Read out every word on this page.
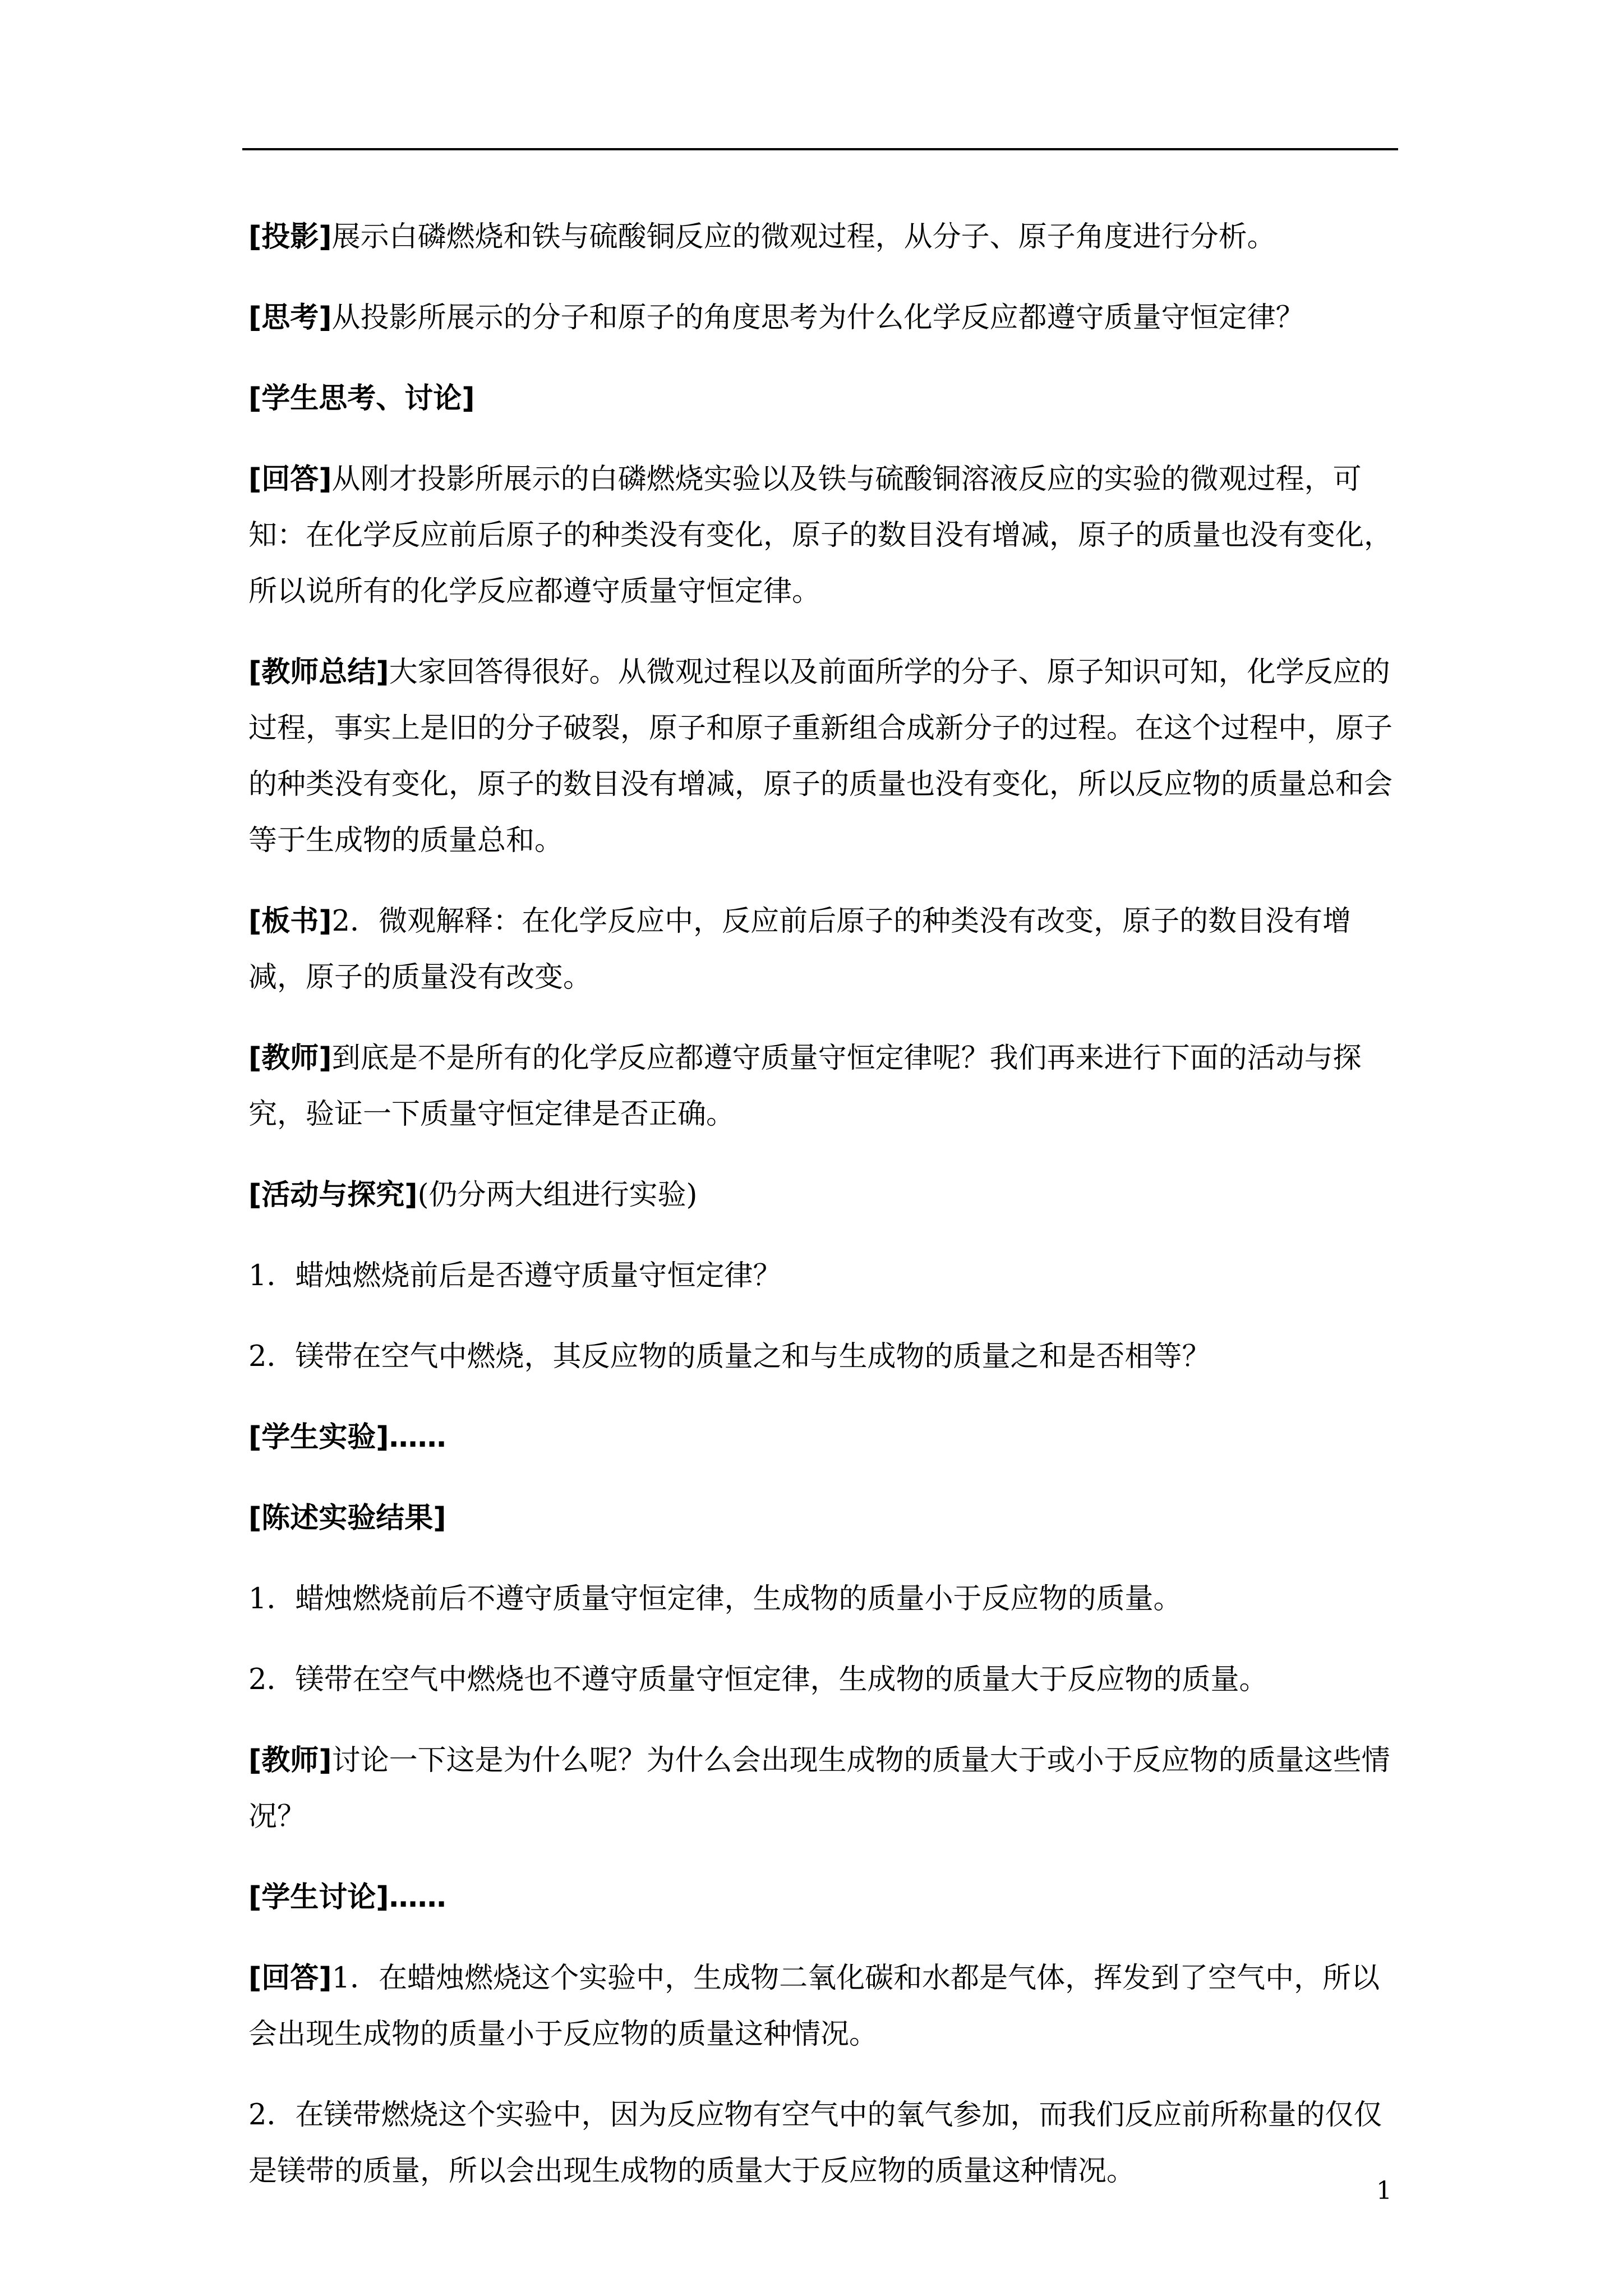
[投影]展示白磷燃烧和铁与硫酸铜反应的微观过程，从分子、原子角度进行分析。

[思考]从投影所展示的分子和原子的角度思考为什么化学反应都遵守质量守恒定律？

[学生思考、讨论]

[回答]从刚才投影所展示的白磷燃烧实验以及铁与硫酸铜溶液反应的实验的微观过程，可知：在化学反应前后原子的种类没有变化，原子的数目没有增减，原子的质量也没有变化，所以说所有的化学反应都遵守质量守恒定律。

[教师总结]大家回答得很好。从微观过程以及前面所学的分子、原子知识可知，化学反应的过程，事实上是旧的分子破裂，原子和原子重新组合成新分子的过程。在这个过程中，原子的种类没有变化，原子的数目没有增减，原子的质量也没有变化，所以反应物的质量总和会等于生成物的质量总和。

[板书]2．微观解释：在化学反应中，反应前后原子的种类没有改变，原子的数目没有增减，原子的质量没有改变。

[教师]到底是不是所有的化学反应都遵守质量守恒定律呢？我们再来进行下面的活动与探究，验证一下质量守恒定律是否正确。

[活动与探究](仍分两大组进行实验)

1．蜡烛燃烧前后是否遵守质量守恒定律？

2．镁带在空气中燃烧，其反应物的质量之和与生成物的质量之和是否相等？

[学生实验]……

[陈述实验结果]

1．蜡烛燃烧前后不遵守质量守恒定律，生成物的质量小于反应物的质量。

2．镁带在空气中燃烧也不遵守质量守恒定律，生成物的质量大于反应物的质量。

[教师]讨论一下这是为什么呢？为什么会出现生成物的质量大于或小于反应物的质量这些情况？

[学生讨论]……

[回答]1．在蜡烛燃烧这个实验中，生成物二氧化碳和水都是气体，挥发到了空气中，所以会出现生成物的质量小于反应物的质量这种情况。

2．在镁带燃烧这个实验中，因为反应物有空气中的氧气参加，而我们反应前所称量的仅仅是镁带的质量，所以会出现生成物的质量大于反应物的质量这种情况。

1
